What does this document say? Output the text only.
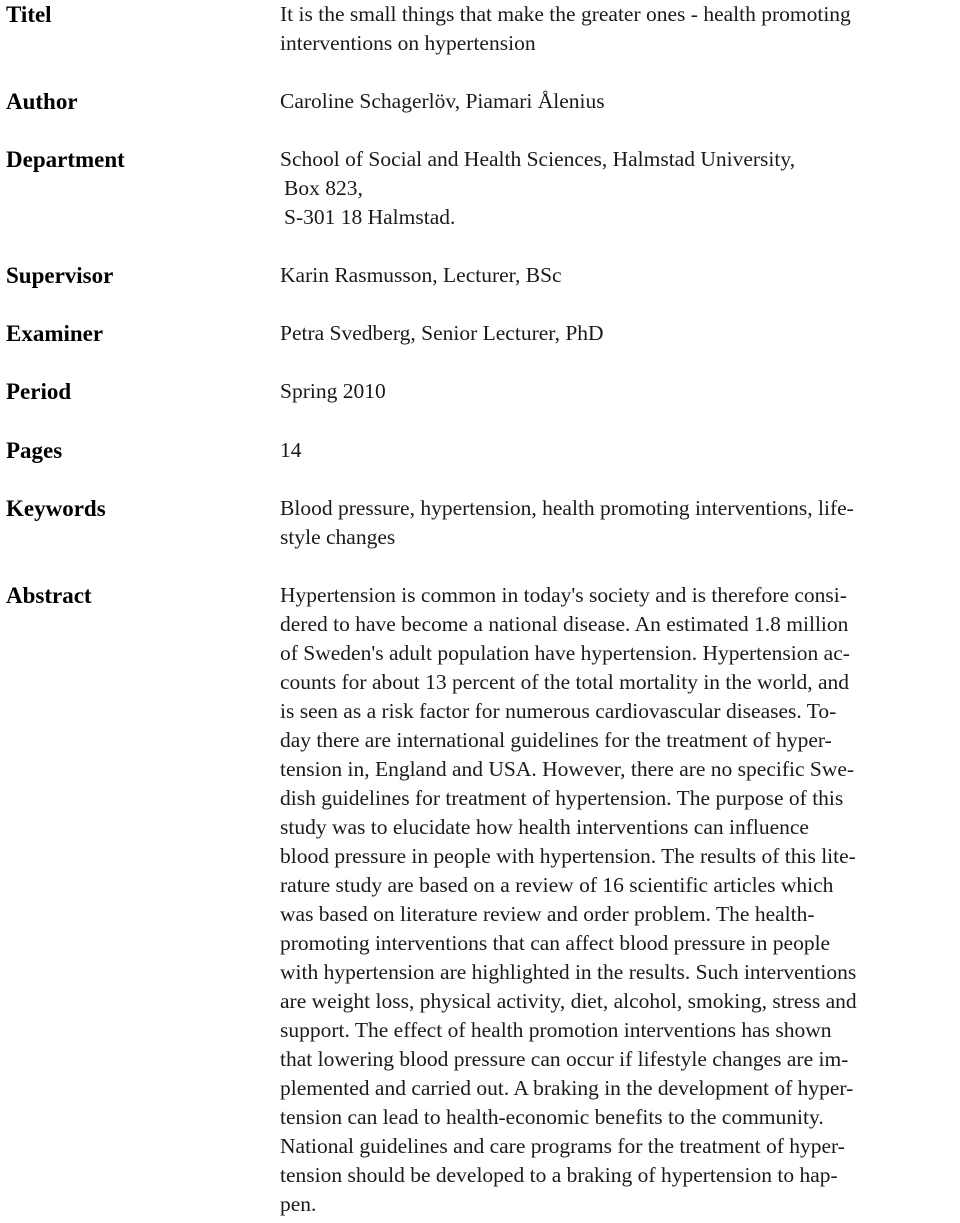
Titel	It is the small things that make the greater ones - health promoting
interventions on hypertension
Author	Caroline Schagerlöv, Piamari Ålenius
Department	School of Social and Health Sciences, Halmstad University,
Box 823,
S-301 18 Halmstad.
Supervisor	Karin Rasmusson, Lecturer, BSc
Examiner	Petra Svedberg, Senior Lecturer, PhD
Period	Spring 2010
Pages	14
Keywords	Blood pressure, hypertension, health promoting interventions, life-
style changes
Abstract	Hypertension is common in today's society and is therefore consi-
dered to have become a national disease. An estimated 1.8 million
of Sweden's adult population have hypertension. Hypertension ac-
counts for about 13 percent of the total mortality in the world, and
is seen as a risk factor for numerous cardiovascular diseases. To-
day there are international guidelines for the treatment of hyper-
tension in, England and USA. However, there are no specific Swe-
dish guidelines for treatment of hypertension. The purpose of this
study was to elucidate how health interventions can influence
blood pressure in people with hypertension. The results of this lite-
rature study are based on a review of 16 scientific articles which
was based on literature review and order problem. The health-
promoting interventions that can affect blood pressure in people
with hypertension are highlighted in the results. Such interventions
are weight loss, physical activity, diet, alcohol, smoking, stress and
support. The effect of health promotion interventions has shown
that lowering blood pressure can occur if lifestyle changes are im-
plemented and carried out. A braking in the development of hyper-
tension can lead to health-economic benefits to the community.
National guidelines and care programs for the treatment of hyper-
tension should be developed to a braking of hypertension to hap-
pen.
